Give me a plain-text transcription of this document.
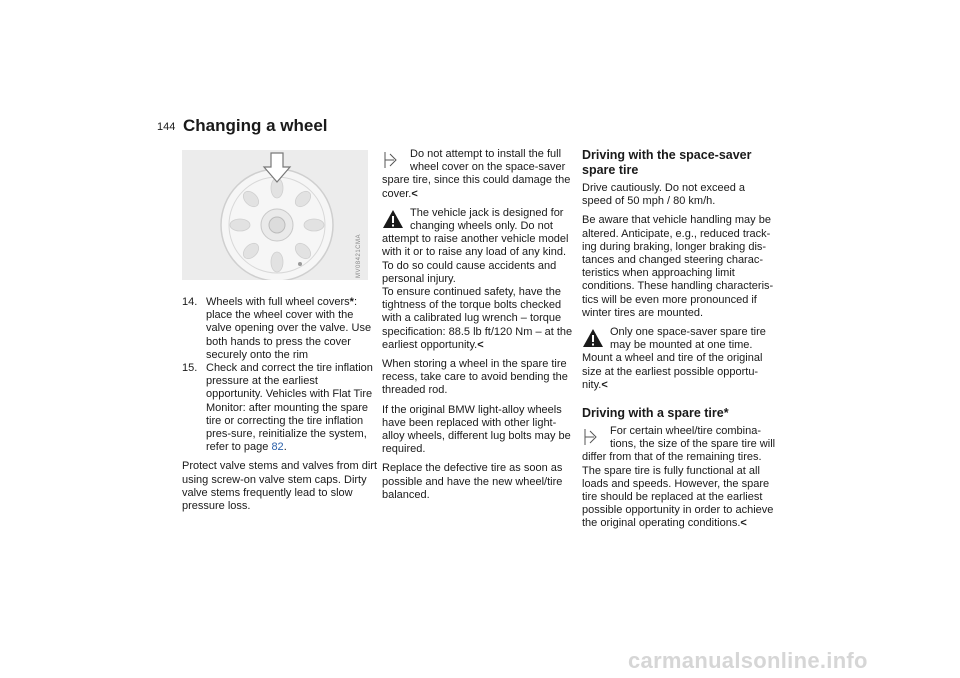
144 Changing a wheel
MV08421CMA
14. Wheels with full wheel covers*: place the wheel cover with the valve opening over the valve. Use both hands to press the cover securely onto the rim
15. Check and correct the tire inflation pressure at the earliest opportunity. Vehicles with Flat Tire Monitor: after mounting the spare tire or correcting the tire inflation pres-sure, reinitialize the system, refer to page 82.

Protect valve stems and valves from dirt using screw-on valve stem caps. Dirty valve stems frequently lead to slow pressure loss.

Do not attempt to install the full wheel cover on the space-saver spare tire, since this could damage the cover.<
The vehicle jack is designed for changing wheels only. Do not attempt to raise another vehicle model with it or to raise any load of any kind. To do so could cause accidents and personal injury.
To ensure continued safety, have the tightness of the torque bolts checked with a calibrated lug wrench – torque specification: 88.5 lb ft/120 Nm – at the earliest opportunity.<

When storing a wheel in the spare tire recess, take care to avoid bending the threaded rod.

If the original BMW light-alloy wheels have been replaced with other light-alloy wheels, different lug bolts may be required.

Replace the defective tire as soon as possible and have the new wheel/tire balanced.

Driving with the space-saver spare tire

Drive cautiously. Do not exceed a speed of 50 mph / 80 km/h.

Be aware that vehicle handling may be altered. Anticipate, e.g., reduced track-ing during braking, longer braking dis-tances and changed steering charac-teristics when approaching limit conditions. These handling characteris-tics will be even more pronounced if winter tires are mounted.

Only one space-saver spare tire may be mounted at one time. Mount a wheel and tire of the original size at the earliest possible opportu-nity.<
Driving with a spare tire*
For certain wheel/tire combina-tions, the size of the spare tire will differ from that of the remaining tires. The spare tire is fully functional at all loads and speeds. However, the spare tire should be replaced at the earliest possible opportunity in order to achieve the original operating conditions.<
carmanualsonline.info
